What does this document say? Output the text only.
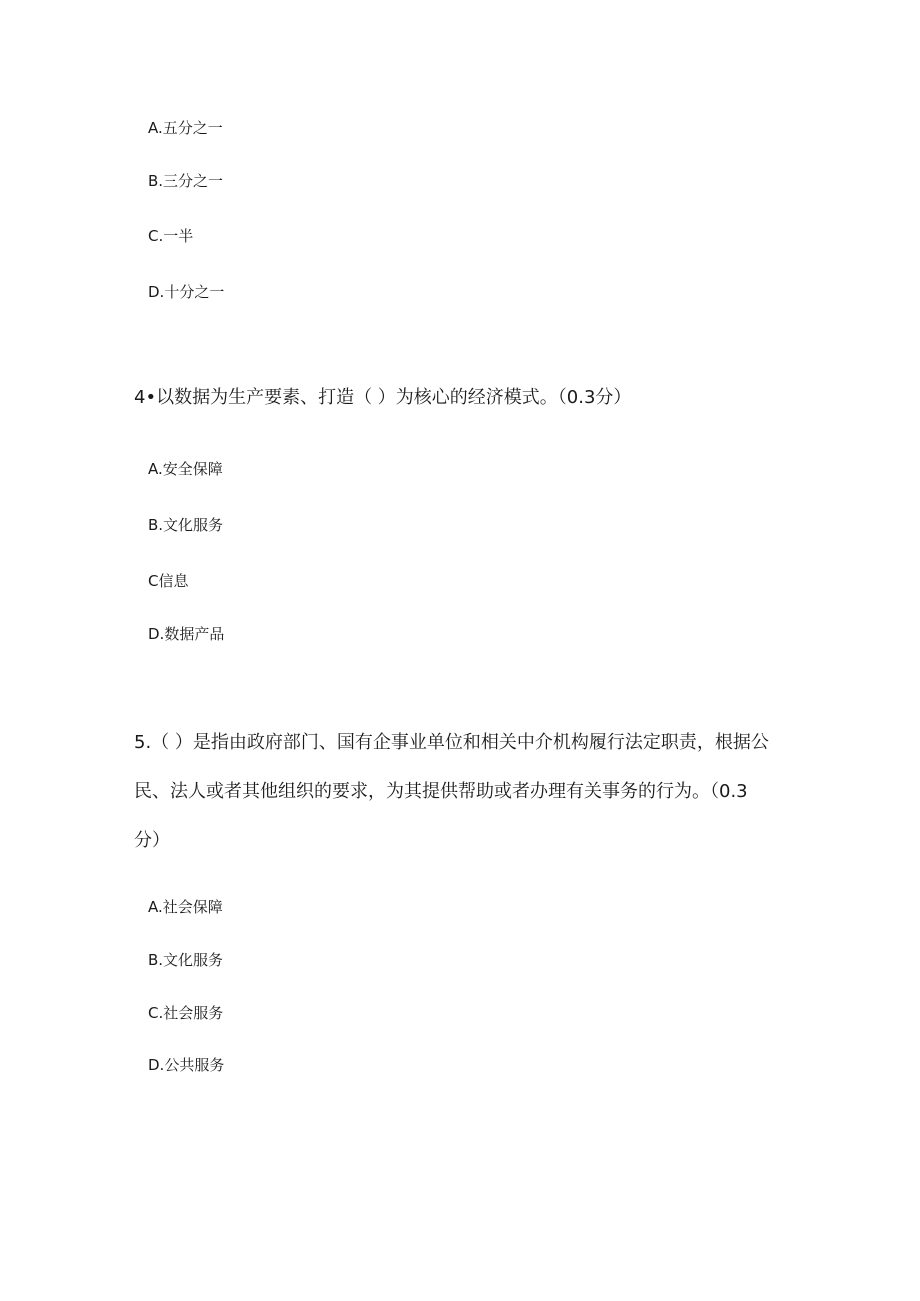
A.五分之一
B.三分之一
C.一半
D.十分之一
4•以数据为生产要素、打造（ ）为核心的经济模式。（0.3分）
A.安全保障
B.文化服务
C信息
D.数据产品
5.（ ）是指由政府部门、国有企事业单位和相关中介机构履行法定职责，根据公
民、法人或者其他组织的要求，为其提供帮助或者办理有关事务的行为。（0.3
分）
A.社会保障
B.文化服务
C.社会服务
D.公共服务
